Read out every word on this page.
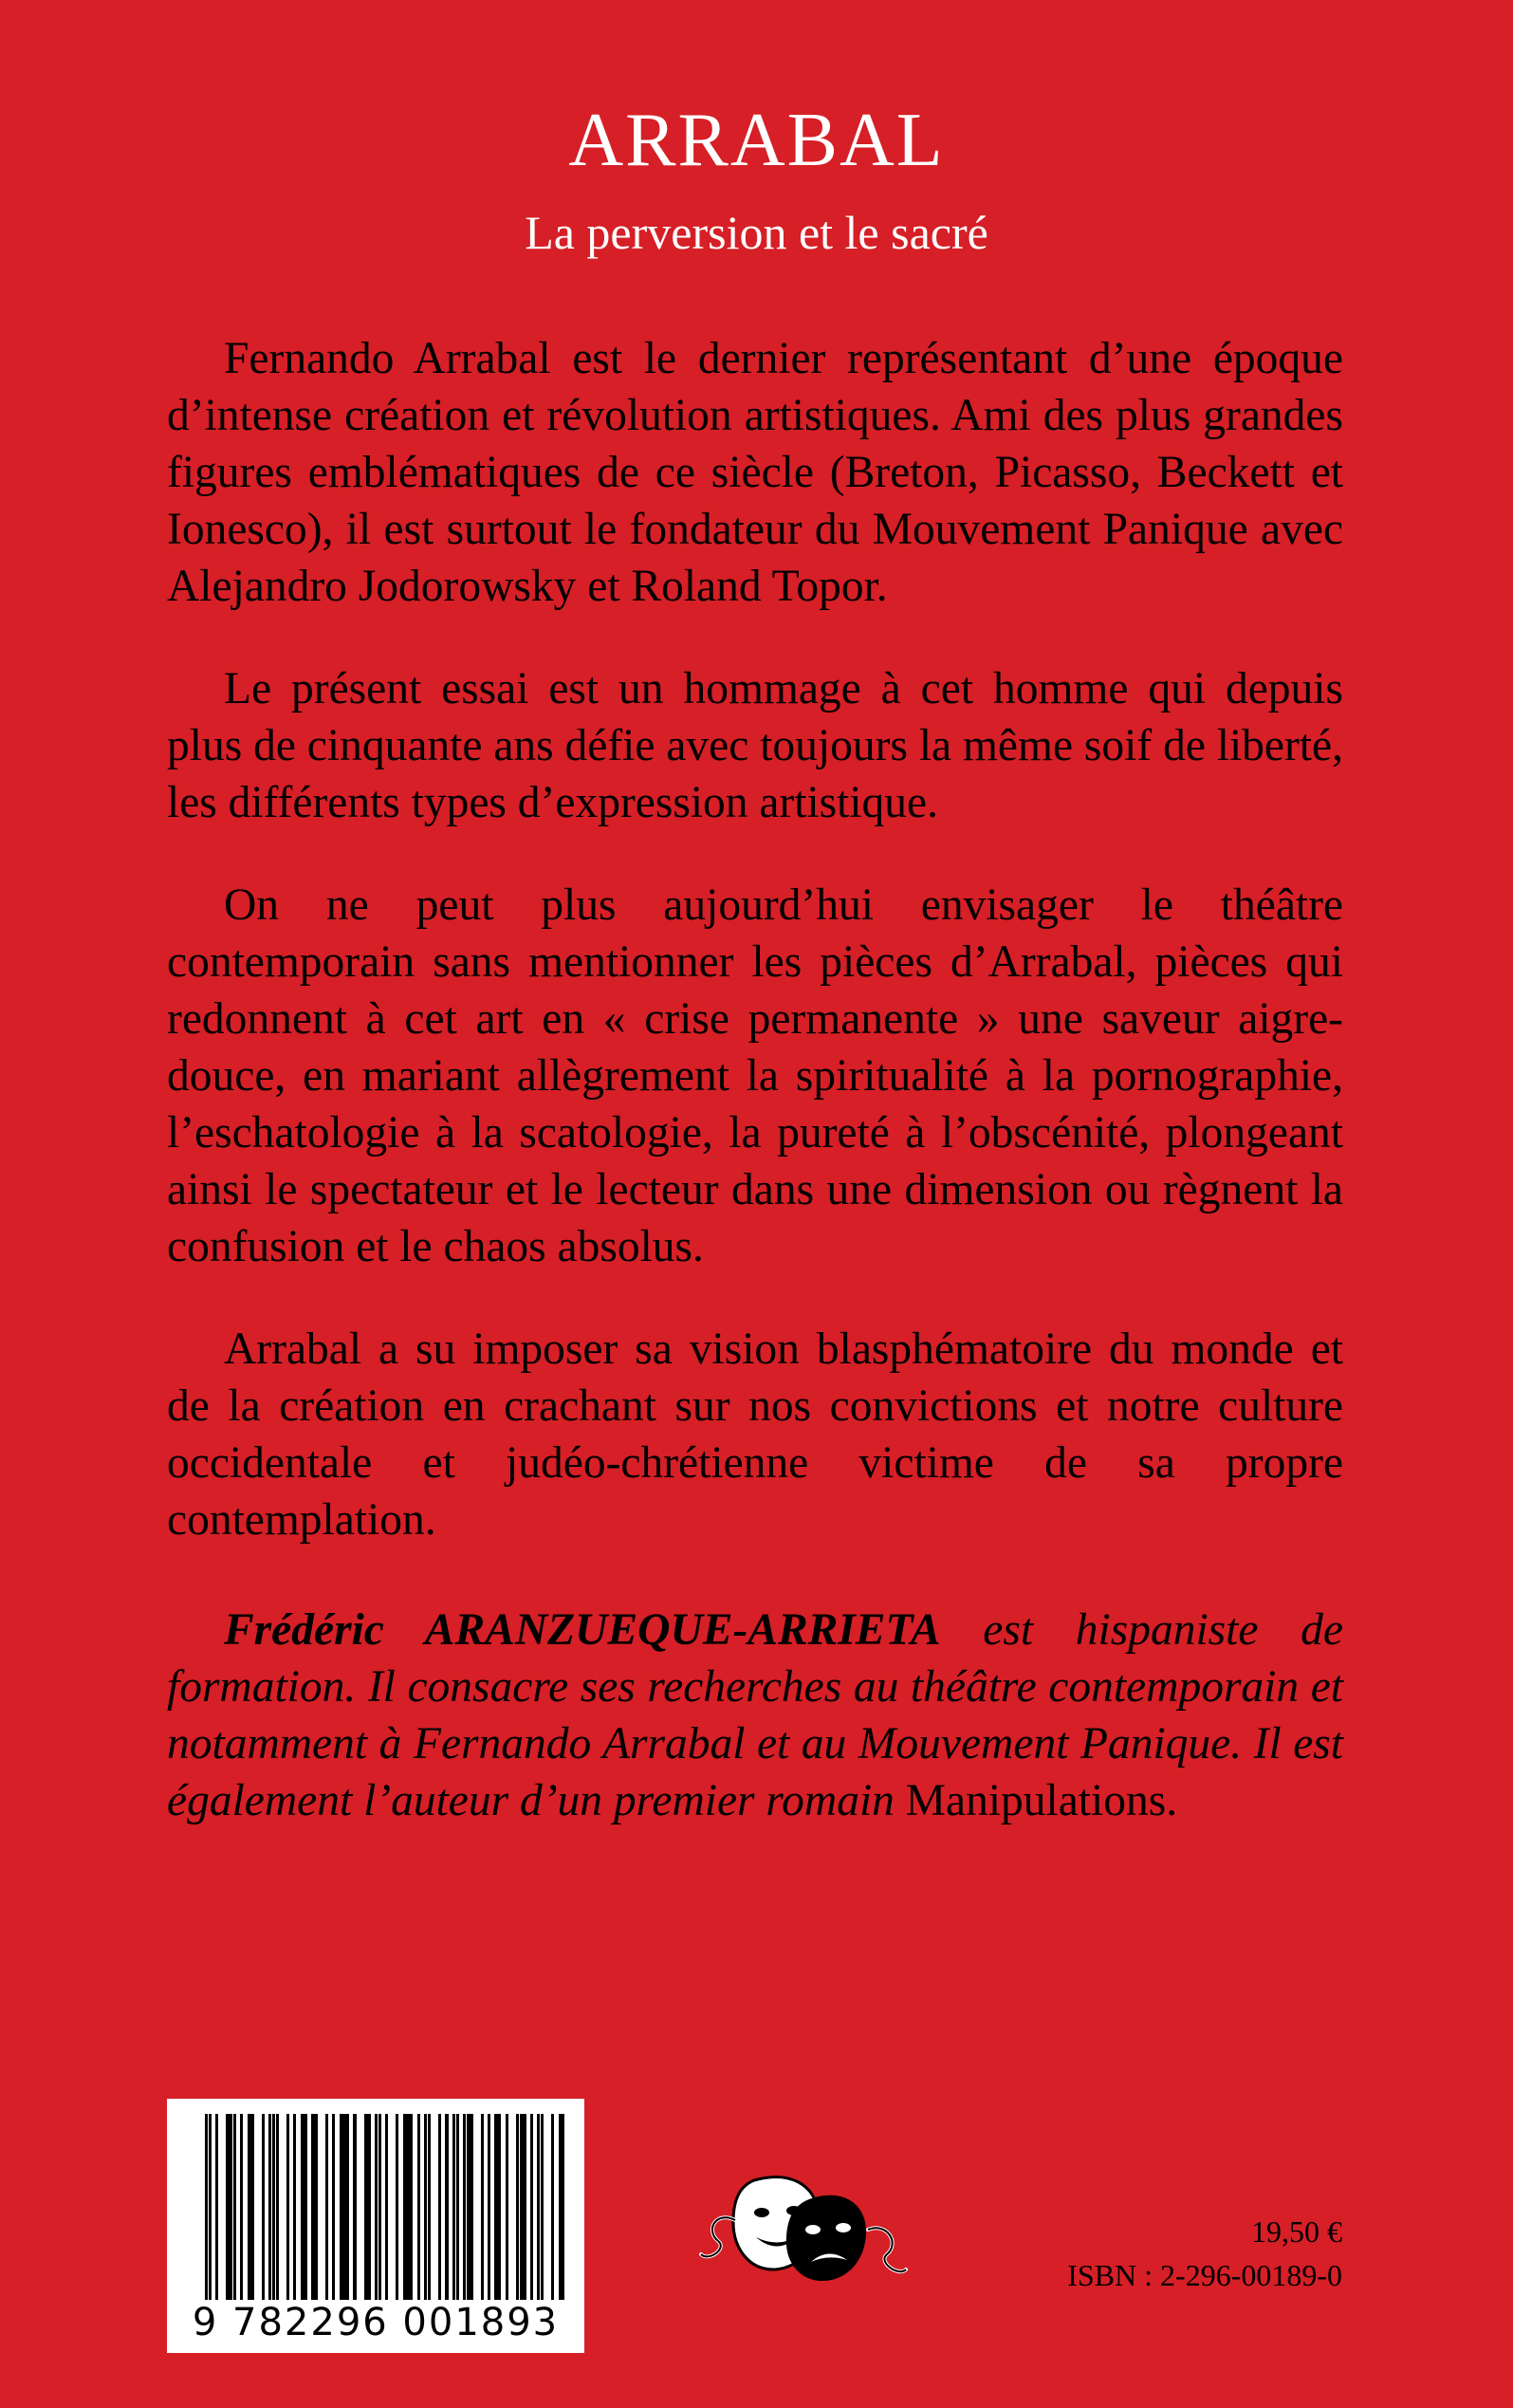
ARRABAL
La perversion et le sacré

Fernando Arrabal est le dernier représentant d’une époque d’intense création et révolution artistiques. Ami des plus grandes figures emblématiques de ce siècle (Breton, Picasso, Beckett et Ionesco), il est surtout le fondateur du Mouvement Panique avec Alejandro Jodorowsky et Roland Topor.

Le présent essai est un hommage à cet homme qui depuis plus de cinquante ans défie avec toujours la même soif de liberté, les différents types d’expression artistique.

On ne peut plus aujourd’hui envisager le théâtre contemporain sans mentionner les pièces d’Arrabal, pièces qui redonnent à cet art en « crise permanente » une saveur aigre-douce, en mariant allègrement la spiritualité à la pornographie, l’eschatologie à la scatologie, la pureté à l’obscénité, plongeant ainsi le spectateur et le lecteur dans une dimension ou règnent la confusion et le chaos absolus.

Arrabal a su imposer sa vision blasphématoire du monde et de la création en crachant sur nos convictions et notre culture occidentale et judéo-chrétienne victime de sa propre contemplation.

Frédéric ARANZUEQUE-ARRIETA est hispaniste de formation. Il consacre ses recherches au théâtre contemporain et notamment à Fernando Arrabal et au Mouvement Panique. Il est également l’auteur d’un premier romain Manipulations.

9 782296 001893
19,50 €
ISBN : 2-296-00189-0
